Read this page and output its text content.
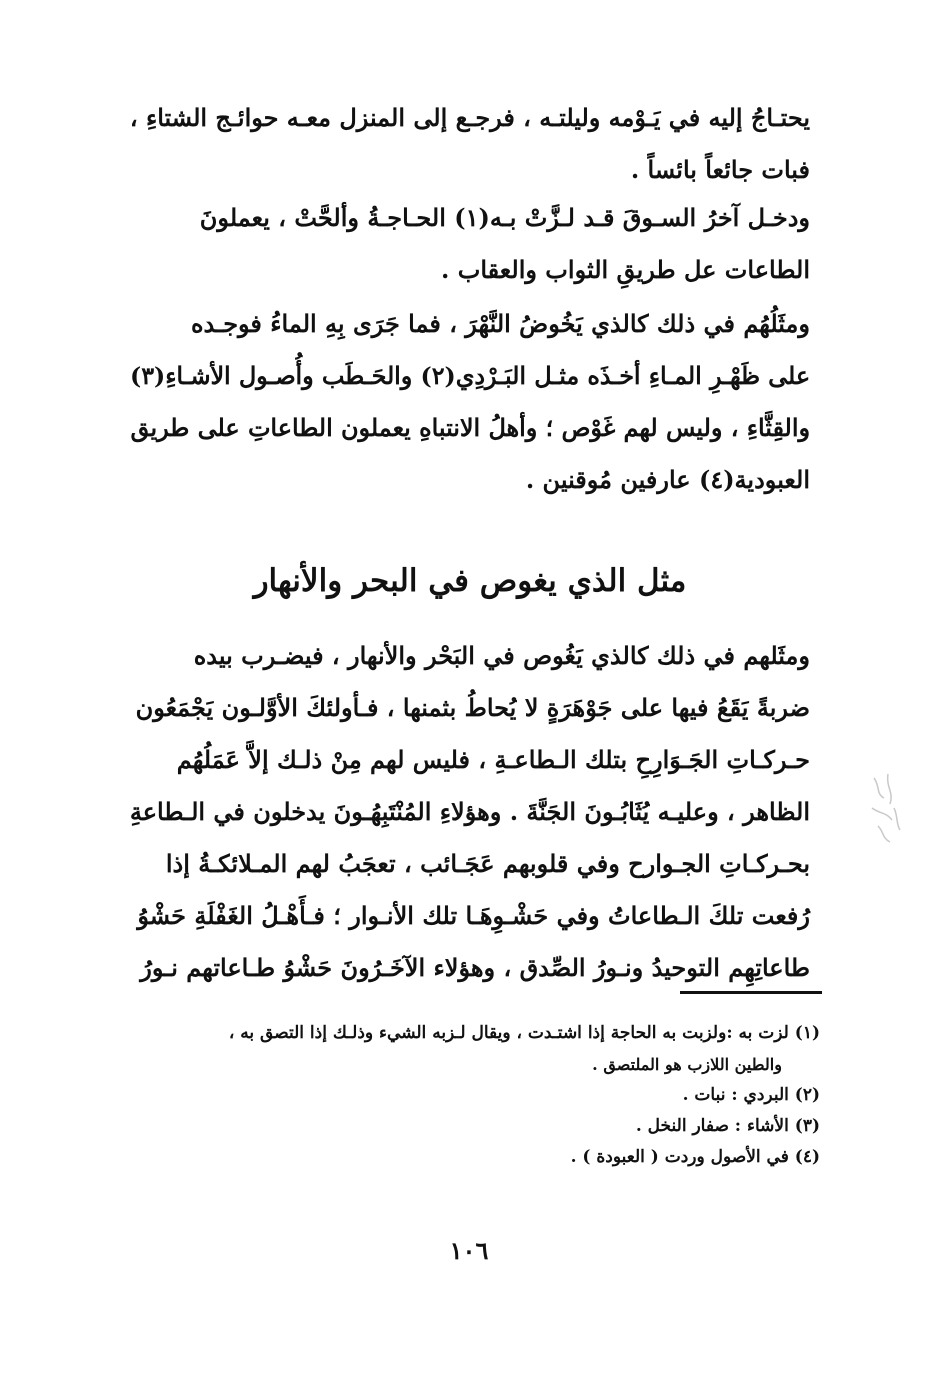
يحتـاجُ إليه في يَـوْمه وليلتـه ، فرجـع إلى المنزل معـه حوائـج الشتاءِ ،
فبات جائعاً بائساً .
ودخـل آخرُ السـوقَ قـد لـزَّتْ بـه(١) الحـاجـةُ وألحَّتْ ، يعملونَ
الطاعات عل طريقِ الثواب والعقاب .
ومثَلُهُم في ذلك كالذي يَخُوضُ النَّهْرَ ، فما جَرَى بِهِ الماءُ فوجـده
على ظَهْـرِ المـاءِ أخـذَه مثـل البَـرْدِي(٢) والحَـطَب وأُصـول الأشـاءِ(٣)
والقِثَّاءِ ، وليس لهم غَوْص ؛ وأهلُ الانتباهِ يعملون الطاعاتِ على طريق
العبودية(٤) عارفين مُوقنين .
مثل الذي يغوص في البحر والأنهار
ومثَلهم في ذلك كالذي يَغُوص في البَحْر والأنهار ، فيضـرب بيده
ضربةً يَقَعُ فيها على جَوْهَرَةٍ لا يُحاطُ بثمنها ، فـأولئكَ الأوَّلـون يَجْمَعُون
حـركـاتِ الجَـوَارِحِ بتلك الـطاعـةِ ، فليس لهم مِنْ ذلـك إلاَّ عَمَلُهُم
الظاهر ، وعليـه يُثَابُـونَ الجَنَّةَ . وهؤلاءِ المُنْتَبِهُـونَ يدخلون في الـطاعةِ
بحـركـاتِ الجـوارح وفي قلوبهم عَجَـائب ، تعجَبُ لهم المـلائكـةُ إذا
رُفعت تلكَ الـطاعاتُ وفي حَشْـوِهَـا تلك الأنـوار ؛ فـأَهْـلُ الغَفْلَةِ حَشْوُ
طاعاتِهِم التوحيدُ ونـورُ الصِّدق ، وهؤلاء الآخَـرُونَ حَشْوُ طـاعاتهم نـورُ
(١) لزت به :ولزبت به الحاجة إذا اشتـدت ، ويقال لـزبه الشيء وذلـك إذا التصق به ،
والطين اللازب هو الملتصق .
(٢) البردي : نبات .
(٣) الأشاء : صفار النخل .
(٤) في الأصول وردت ( العبودة ) .
١٠٦
